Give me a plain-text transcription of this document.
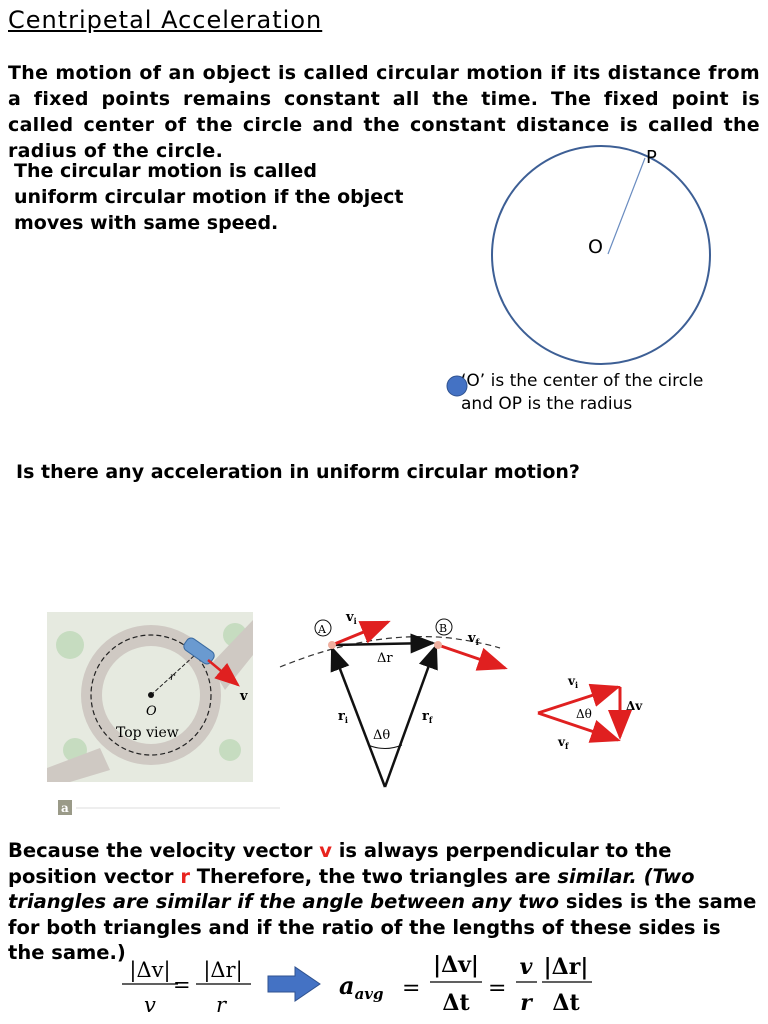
Centripetal Acceleration

The motion of an object is called circular motion if its distance from a fixed points remains constant all the time. The fixed point is called center of the circle and the constant distance is called the radius of the circle.

The circular motion is called
uniform circular motion if the object
moves with same speed.
O
P
‘O’ is the center of the circle
and OP is the radius

Is there any acceleration in uniform circular motion?

O
r
v
Top view
a
A	B
$v_i$
$v_f$
Δr
$r_i$	$r_f$
Δθ
$v_i$
$v_f$
Δθ
Δv
Because the velocity vector v is always perpendicular to the position vector r Therefore, the two triangles are similar. (Two triangles are similar if the angle between any two sides is the same for both triangles and if the ratio of the lengths of these sides is the same.)
|Δv|
v
=
|Δr|
r
$a_{avg}$ =
|Δv|
Δt
=
v
r
|Δr|
Δt
